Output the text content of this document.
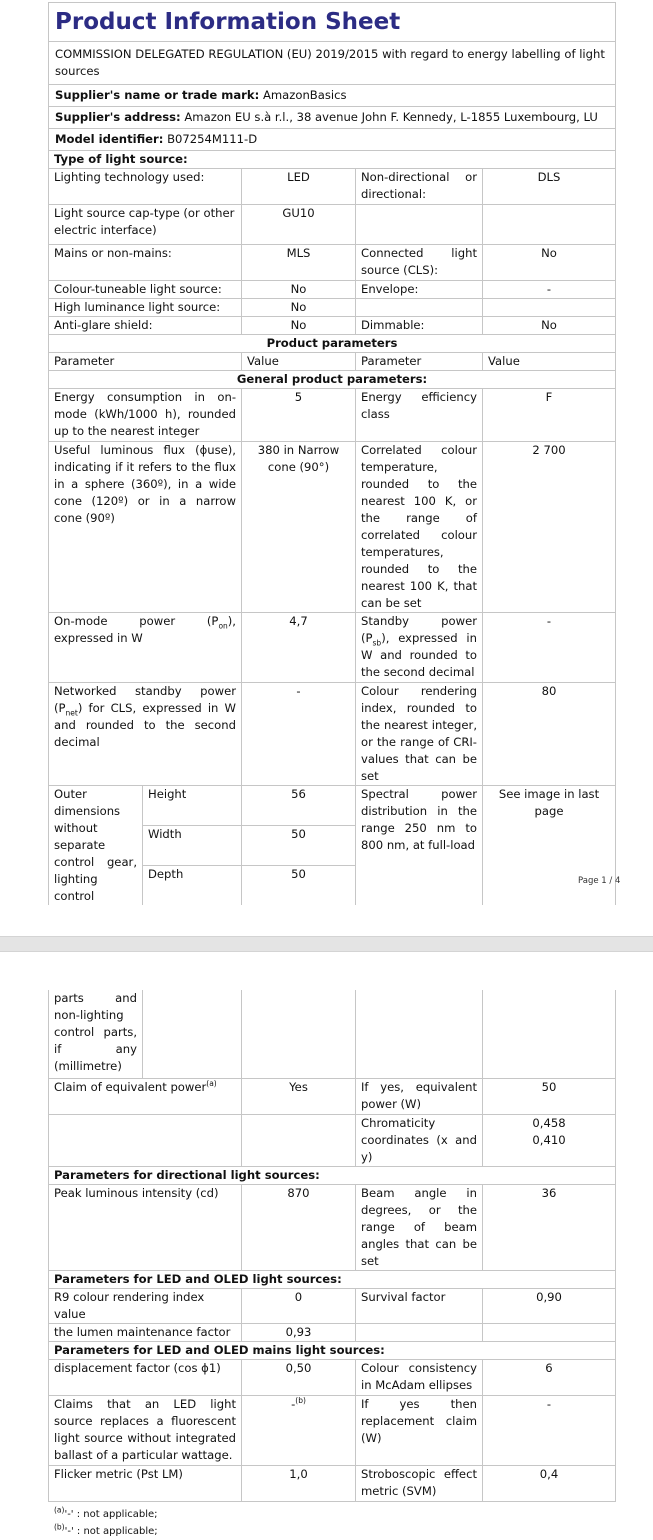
Product Information Sheet
COMMISSION DELEGATED REGULATION (EU) 2019/2015 with regard to energy labelling of light sources
Supplier's name or trade mark: AmazonBasics
Supplier's address: Amazon EU s.à r.l., 38 avenue John F. Kennedy, L-1855 Luxembourg, LU
Model identifier: B07254M111-D
Type of light source:				
Lighting technology used:		LED	Non-directional or directional:	DLS
Light source cap-type (or other electric interface)		GU10		
Mains or non-mains:		MLS	Connected light source (CLS):	No
Colour-tuneable light source:		No	Envelope:	-
High luminance light source:		No		
Anti-glare shield:		No	Dimmable:	No
Product parameters				
Parameter		Value	Parameter	Value
General product parameters:				
Energy consumption in on-mode (kWh/1000 h), rounded up to the nearest integer		5	Energy efficiency class	F
Useful luminous flux (ϕuse), indicating if it refers to the flux in a sphere (360º), in a wide cone (120º) or in a narrow cone (90º)		380 in Narrow cone (90°)	Correlated colour temperature, rounded to the nearest 100 K, or the range of correlated colour temperatures, rounded to the nearest 100 K, that can be set	2 700
On-mode power $(P_{on})$, expressed in W		4,7	Standby power $(P_{sb})$, expressed in W and rounded to the second decimal	-
Networked standby power $(P_{net})$ for CLS, expressed in W and rounded to the second decimal		-	Colour rendering index, rounded to the nearest integer, or the range of CRI-values that can be set	80
Outer dimensions without separate control gear, lighting control	Height	56	Spectral power distribution in the range 250 nm to 800 nm, at full-load	See image in last page
	Width	50		
	Depth	50		
Page 1 / 4
parts and non-lighting control parts, if any (millimetre)				
Claim of equivalent power$^{(a)}$		Yes	If yes, equivalent power (W)	50
			Chromaticity coordinates (x and y)	0,458
0,410

Parameters for directional light sources:				
Peak luminous intensity (cd)		870	Beam angle in degrees, or the range of beam angles that can be set	36
Parameters for LED and OLED light sources:				
R9 colour rendering index value		0	Survival factor	0,90
the lumen maintenance factor		0,93		
Parameters for LED and OLED mains light sources:				
displacement factor (cos ϕ1)		0,50	Colour consistency in McAdam ellipses	6
Claims that an LED light source replaces a fluorescent light source without integrated ballast of a particular wattage.		-$^{(b)}$	If yes then replacement claim (W)	-
Flicker metric (Pst LM)		1,0	Stroboscopic effect metric (SVM)	0,4
$^{(a)}$'-' : not applicable;
$^{(b)}$'-' : not applicable;
